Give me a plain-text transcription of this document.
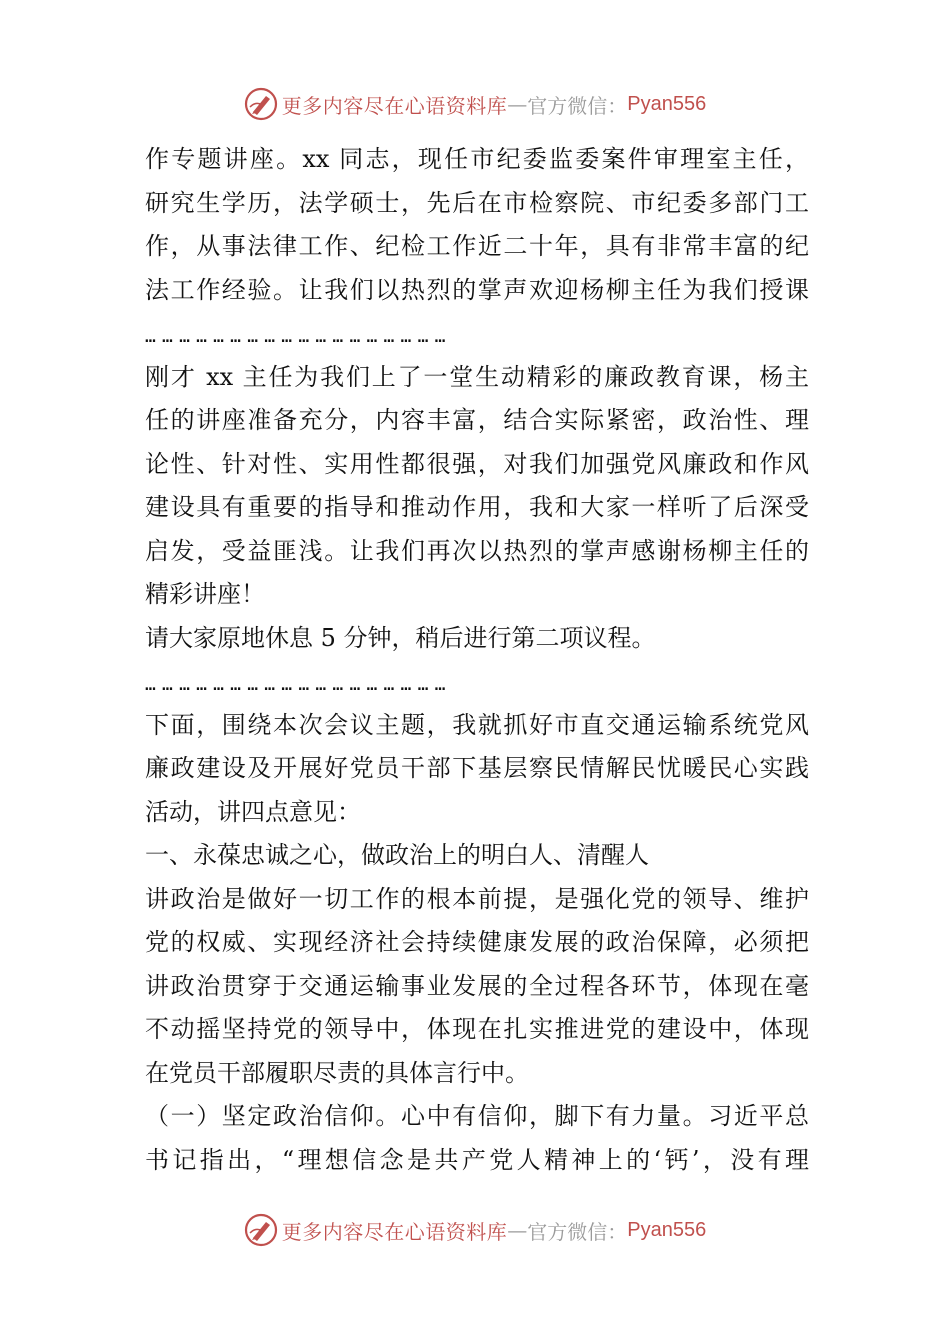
更多内容尽在心语资料库 — 官方微信： Pyan556
作专题讲座。xx 同志，现任市纪委监委案件审理室主任，
研究生学历，法学硕士，先后在市检察院、市纪委多部门工
作，从事法律工作、纪检工作近二十年，具有非常丰富的纪
法工作经验。让我们以热烈的掌声欢迎杨柳主任为我们授课
………………………………………………
刚才 xx 主任为我们上了一堂生动精彩的廉政教育课，杨主
任的讲座准备充分，内容丰富，结合实际紧密，政治性、理
论性、针对性、实用性都很强，对我们加强党风廉政和作风
建设具有重要的指导和推动作用，我和大家一样听了后深受
启发，受益匪浅。让我们再次以热烈的掌声感谢杨柳主任的
精彩讲座！
请大家原地休息 5 分钟，稍后进行第二项议程。
………………………………………………
下面，围绕本次会议主题，我就抓好市直交通运输系统党风
廉政建设及开展好党员干部下基层察民情解民忧暖民心实践
活动，讲四点意见：
一、永葆忠诚之心，做政治上的明白人、清醒人
讲政治是做好一切工作的根本前提，是强化党的领导、维护
党的权威、实现经济社会持续健康发展的政治保障，必须把
讲政治贯穿于交通运输事业发展的全过程各环节，体现在毫
不动摇坚持党的领导中，体现在扎实推进党的建设中，体现
在党员干部履职尽责的具体言行中。
（一）坚定政治信仰。心中有信仰，脚下有力量。习近平总
书记指出，“理想信念是共产党人精神上的‘钙’，没有理
更多内容尽在心语资料库 — 官方微信： Pyan556
